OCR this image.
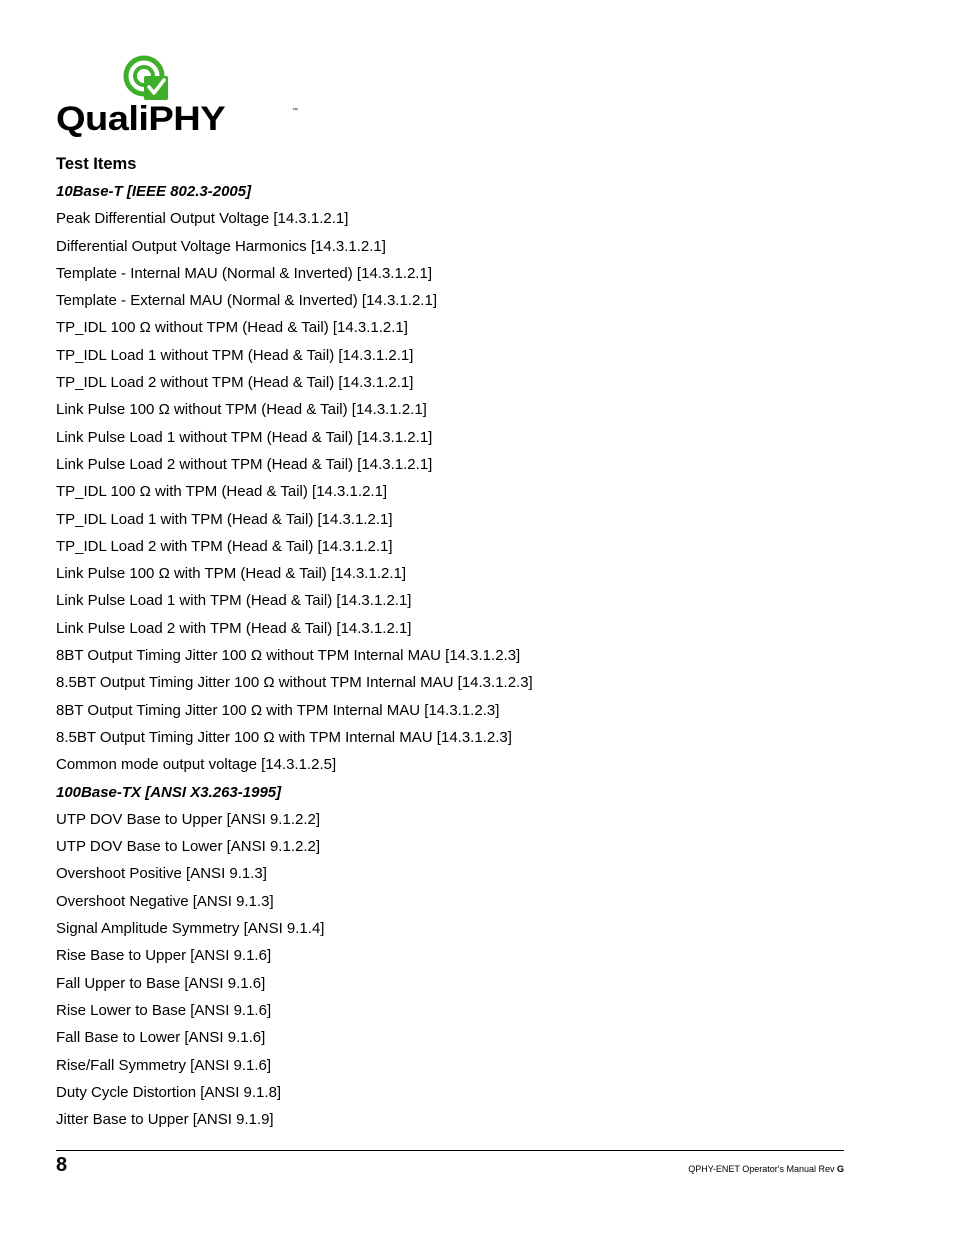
QualiPHY	™
Test Items
10Base-T [IEEE 802.3-2005]
Peak Differential Output Voltage [14.3.1.2.1]
Differential Output Voltage Harmonics [14.3.1.2.1]
Template - Internal MAU (Normal & Inverted) [14.3.1.2.1]
Template - External MAU (Normal & Inverted) [14.3.1.2.1]
TP_IDL 100 Ω without TPM (Head & Tail) [14.3.1.2.1]
TP_IDL Load 1 without TPM (Head & Tail) [14.3.1.2.1]
TP_IDL Load 2 without TPM (Head & Tail) [14.3.1.2.1]
Link Pulse 100 Ω without TPM (Head & Tail) [14.3.1.2.1]
Link Pulse Load 1 without TPM (Head & Tail) [14.3.1.2.1]
Link Pulse Load 2 without TPM (Head & Tail) [14.3.1.2.1]
TP_IDL 100 Ω with TPM (Head & Tail) [14.3.1.2.1]
TP_IDL Load 1 with TPM (Head & Tail) [14.3.1.2.1]
TP_IDL Load 2 with TPM (Head & Tail) [14.3.1.2.1]
Link Pulse 100 Ω with TPM (Head & Tail) [14.3.1.2.1]
Link Pulse Load 1 with TPM (Head & Tail) [14.3.1.2.1]
Link Pulse Load 2 with TPM (Head & Tail) [14.3.1.2.1]
8BT Output Timing Jitter 100 Ω without TPM Internal MAU [14.3.1.2.3]
8.5BT Output Timing Jitter 100 Ω without TPM Internal MAU [14.3.1.2.3]
8BT Output Timing Jitter 100 Ω with TPM Internal MAU [14.3.1.2.3]
8.5BT Output Timing Jitter 100 Ω with TPM Internal MAU [14.3.1.2.3]
Common mode output voltage [14.3.1.2.5]
100Base-TX [ANSI X3.263-1995]
UTP DOV Base to Upper [ANSI 9.1.2.2]
UTP DOV Base to Lower [ANSI 9.1.2.2]
Overshoot Positive [ANSI 9.1.3]
Overshoot Negative [ANSI 9.1.3]
Signal Amplitude Symmetry [ANSI 9.1.4]
Rise Base to Upper [ANSI 9.1.6]
Fall Upper to Base [ANSI 9.1.6]
Rise Lower to Base [ANSI 9.1.6]
Fall Base to Lower [ANSI 9.1.6]
Rise/Fall Symmetry [ANSI 9.1.6]
Duty Cycle Distortion [ANSI 9.1.8]
Jitter Base to Upper [ANSI 9.1.9]
8	QPHY-ENET Operator's Manual Rev G
